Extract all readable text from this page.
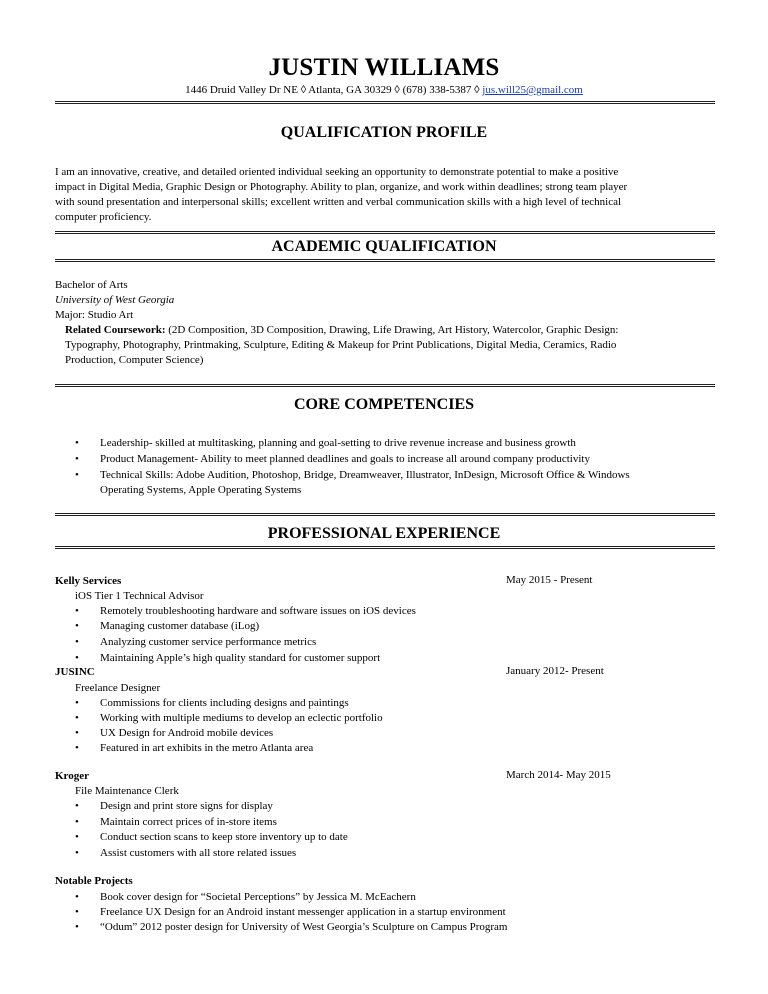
JUSTIN WILLIAMS
1446 Druid Valley Dr NE ◊ Atlanta, GA 30329 ◊ (678) 338-5387 ◊ jus.will25@gmail.com
QUALIFICATION PROFILE
I am an innovative, creative, and detailed oriented individual seeking an opportunity to demonstrate potential to make a positive
impact in Digital Media, Graphic Design or Photography. Ability to plan, organize, and work within deadlines; strong team player
with sound presentation and interpersonal skills; excellent written and verbal communication skills with a high level of technical
computer proficiency.
ACADEMIC QUALIFICATION
Bachelor of Arts
University of West Georgia
Major: Studio Art
Related Coursework: (2D Composition, 3D Composition, Drawing, Life Drawing, Art History, Watercolor, Graphic Design:
Typography, Photography, Printmaking, Sculpture, Editing & Makeup for Print Publications, Digital Media, Ceramics, Radio
Production, Computer Science)
CORE COMPETENCIES
• Leadership- skilled at multitasking, planning and goal-setting to drive revenue increase and business growth
• Product Management- Ability to meet planned deadlines and goals to increase all around company productivity
• Technical Skills: Adobe Audition, Photoshop, Bridge, Dreamweaver, Illustrator, InDesign, Microsoft Office & Windows
Operating Systems, Apple Operating Systems
PROFESSIONAL EXPERIENCE
Kelly Services	May 2015 - Present
iOS Tier 1 Technical Advisor
• Remotely troubleshooting hardware and software issues on iOS devices
• Managing customer database (iLog)
• Analyzing customer service performance metrics
• Maintaining Apple’s high quality standard for customer support
JUSINC	January 2012- Present
Freelance Designer
• Commissions for clients including designs and paintings
• Working with multiple mediums to develop an eclectic portfolio
• UX Design for Android mobile devices
• Featured in art exhibits in the metro Atlanta area
Kroger	March 2014- May 2015
File Maintenance Clerk
• Design and print store signs for display
• Maintain correct prices of in-store items
• Conduct section scans to keep store inventory up to date
• Assist customers with all store related issues
Notable Projects
• Book cover design for “Societal Perceptions” by Jessica M. McEachern
• Freelance UX Design for an Android instant messenger application in a startup environment
• “Odum” 2012 poster design for University of West Georgia’s Sculpture on Campus Program
